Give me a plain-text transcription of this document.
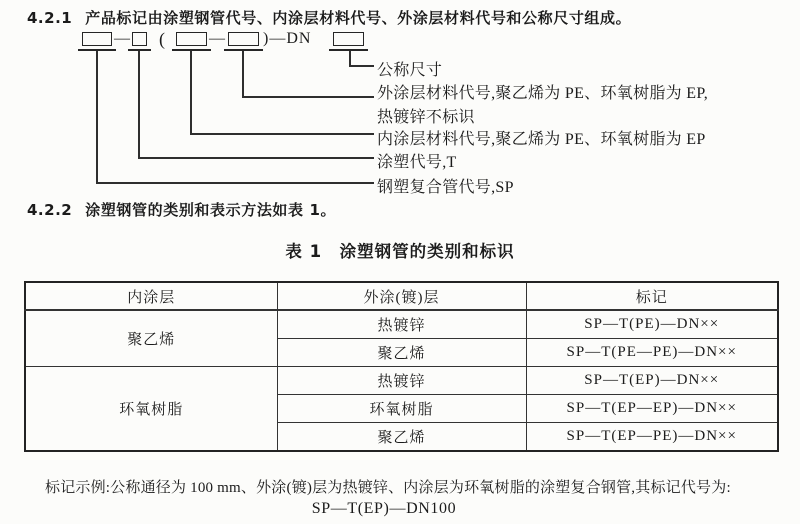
4.2.1 产品标记由涂塑钢管代号、内涂层材料代号、外涂层材料代号和公称尺寸组成。
— (	— )—DN
公称尺寸
外涂层材料代号,聚乙烯为 PE、环氧树脂为 EP,
热镀锌不标识
内涂层材料代号,聚乙烯为 PE、环氧树脂为 EP
涂塑代号,T
钢塑复合管代号,SP
4.2.2 涂塑钢管的类别和表示方法如表 1。
表 1　涂塑钢管的类别和标识
内涂层	外涂(镀)层	标记
聚乙烯	热镀锌	SP—T(PE)—DN××
	聚乙烯	SP—T(PE—PE)—DN××
环氧树脂	热镀锌	SP—T(EP)—DN××
	环氧树脂	SP—T(EP—EP)—DN××
	聚乙烯	SP—T(EP—PE)—DN××
标记示例:公称通径为 100 mm、外涂(镀)层为热镀锌、内涂层为环氧树脂的涂塑复合钢管,其标记代号为:
SP—T(EP)—DN100
